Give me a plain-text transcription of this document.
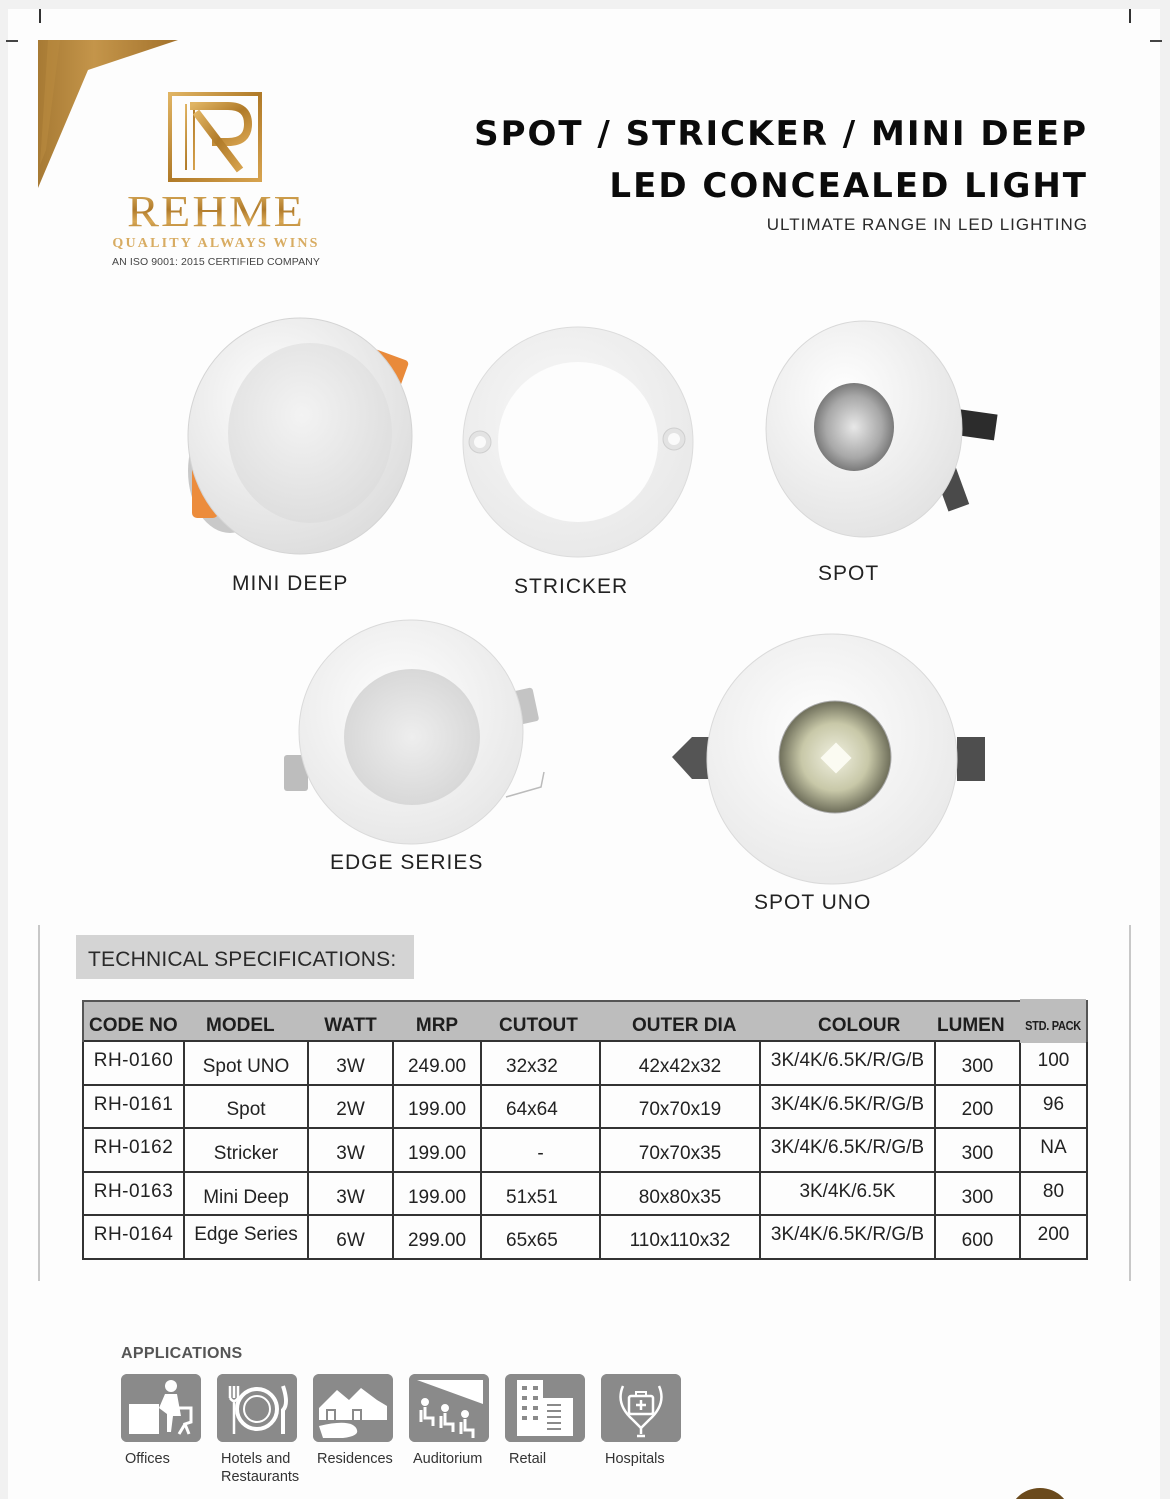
REHME
QUALITY ALWAYS WINS
AN ISO 9001: 2015 CERTIFIED COMPANY
SPOT / STRICKER / MINI DEEP
LED CONCEALED LIGHT
ULTIMATE RANGE IN LED LIGHTING
MINI DEEP	STRICKER
SPOT
EDGE SERIES
SPOT UNO
TECHNICAL SPECIFICATIONS:
CODE NO	MODEL	WATT	MRP	CUTOUT	OUTER DIA	COLOUR	LUMEN	STD. PACK
RH-0160	Spot UNO	3W	249.00	32x32	42x42x32	3K/4K/6.5K/R/G/B	300	100
RH-0161	Spot	2W	199.00	64x64	70x70x19	3K/4K/6.5K/R/G/B	200	96
RH-0162	Stricker	3W	199.00	-	70x70x35	3K/4K/6.5K/R/G/B	300	NA
RH-0163	Mini Deep	3W	199.00	51x51	80x80x35	3K/4K/6.5K	300	80
RH-0164	Edge Series	6W	299.00	65x65	110x110x32	3K/4K/6.5K/R/G/B	600	200
APPLICATIONS
Offices	Hotels and
Restaurants
Residences Auditorium Retail	Hospitals
